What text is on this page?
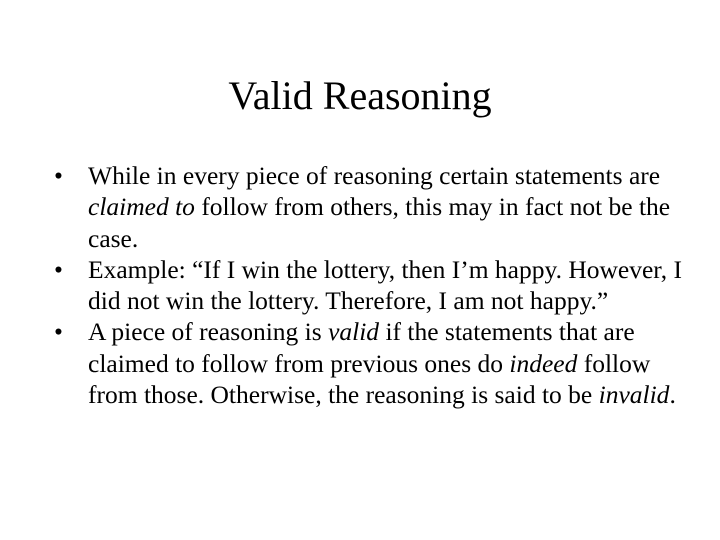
Valid Reasoning
• While in every piece of reasoning certain statements are claimed to follow from others, this may in fact not be the case.
• Example: “If I win the lottery, then I’m happy. However, I did not win the lottery. Therefore, I am not happy.”
• A piece of reasoning is valid if the statements that are claimed to follow from previous ones do indeed follow from those. Otherwise, the reasoning is said to be invalid.
